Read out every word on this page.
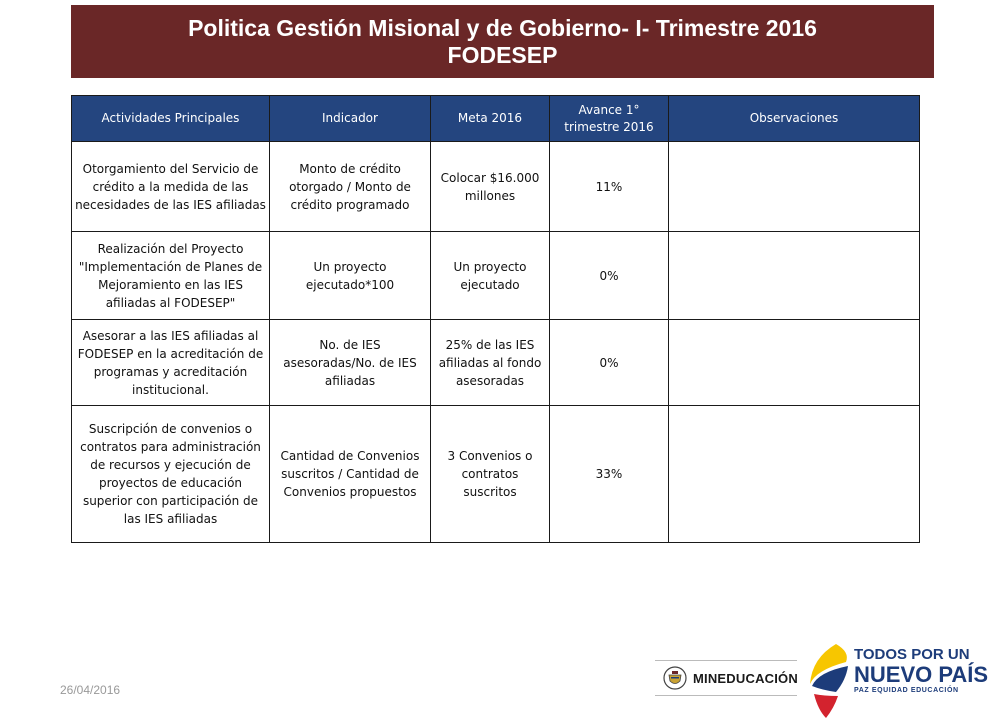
Politica Gestión Misional y de Gobierno- I- Trimestre 2016
FODESEP
Actividades Principales	Indicador	Meta 2016	Avance 1° trimestre 2016	Observaciones
Otorgamiento del Servicio de crédito a la medida de las necesidades de las IES afiliadas	Monto de crédito otorgado / Monto de crédito programado	Colocar $16.000 millones	11%	
Realización del Proyecto "Implementación de Planes de Mejoramiento en las IES afiliadas al FODESEP"	Un proyecto ejecutado*100	Un proyecto ejecutado	0%	
Asesorar a las IES afiliadas al FODESEP en la acreditación de programas y acreditación institucional.	No. de IES asesoradas/No. de IES afiliadas	25% de las IES afiliadas al fondo asesoradas	0%	
Suscripción de convenios o contratos para administración de recursos y ejecución de proyectos de educación superior con participación de las IES afiliadas	Cantidad de Convenios suscritos / Cantidad de Convenios propuestos	3 Convenios o contratos suscritos	33%	
26/04/2016
MINEDUCACIÓN
TODOS POR UN
NUEVO PAÍS
PAZ EQUIDAD EDUCACIÓN
